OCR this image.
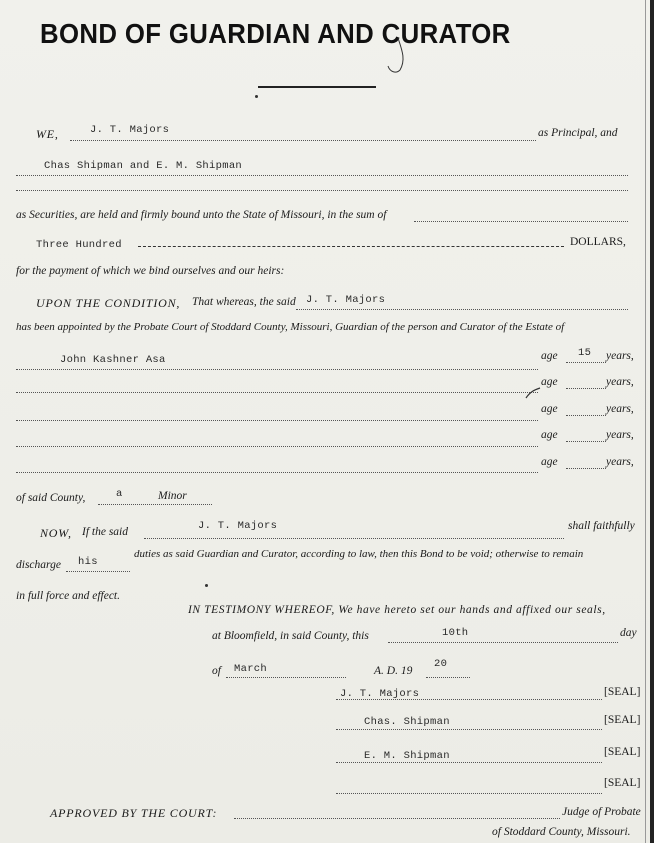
BOND OF GUARDIAN AND CURATOR
WE,	J. T. Majors	as Principal, and
Chas Shipman and E. M. Shipman
as Securities, are held and firmly bound unto the State of Missouri, in the sum of
Three Hundred	DOLLARS,
for the payment of which we bind ourselves and our heirs:
UPON THE CONDITION, That whereas, the said J. T. Majors
has been appointed by the Probate Court of Stoddard County, Missouri, Guardian of the person and Curator of the Estate of
John Kashner Asa	age 15 years,
age	years,
age	years,
age	years,
age	years,
of said County,	a	Minor
NOW, If the said	J. T. Majors	shall faithfully
discharge his
duties as said Guardian and Curator, according to law, then this Bond to be void; otherwise to remain
in full force and effect.
IN TESTIMONY WHEREOF, We have hereto set our hands and affixed our seals,
at Bloomfield, in said County, this	10th	day
of March	A. D. 19
20
J. T. Majors	[SEAL]
Chas. Shipman	[SEAL]
E. M. Shipman	[SEAL]
[SEAL]
APPROVED BY THE COURT:	Judge of Probate
of Stoddard County, Missouri.
